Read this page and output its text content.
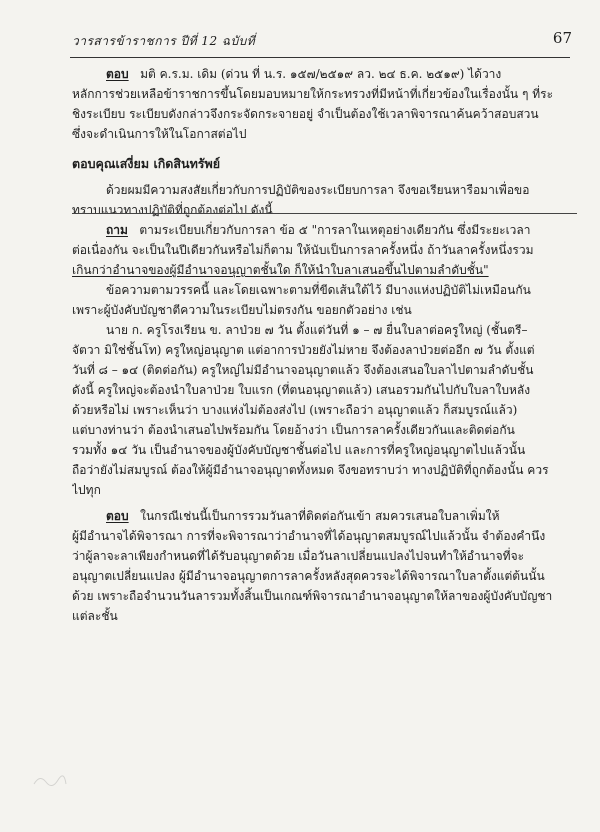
วารสารข้าราชการ ปีที่ 12 ฉบับที่	67
ตอบ มติ ค.ร.ม. เดิม (ด่วน ที่ น.ร. ๑๕๗/๒๕๑๙ ลว. ๒๔ ธ.ค. ๒๕๑๙) ได้วาง
หลักการช่วยเหลือข้าราชการขึ้นโดยมอบหมายให้กระทรวงที่มีหน้าที่เกี่ยวข้องในเรื่องนั้น ๆ ที่ระ
ชิงระเบียบ ระเบียบดังกล่าวจึงกระจัดกระจายอยู่ จำเป็นต้องใช้เวลาพิจารณาค้นคว้าสอบสวน
ซึ่งจะดำเนินการให้ในโอกาสต่อไป
ตอบคุณเสงี่ยม เกิดสินทรัพย์
ด้วยผมมีความสงสัยเกี่ยวกับการปฏิบัติของระเบียบการลา จึงขอเรียนหารือมาเพื่อขอ
ทราบแนวทางปฏิบัติที่ถูกต้องต่อไป ดังนี้
ถาม ตามระเบียบเกี่ยวกับการลา ข้อ ๕ "การลาในเหตุอย่างเดียวกัน ซึ่งมีระยะเวลา
ต่อเนื่องกัน จะเป็นในปีเดียวกันหรือไม่ก็ตาม ให้นับเป็นการลาครั้งหนึ่ง ถ้าวันลาครั้งหนึ่งรวม
เกินกว่าอำนาจของผู้มีอำนาจอนุญาตชั้นใด ก็ให้นำใบลาเสนอขึ้นไปตามลำดับชั้น"
ข้อความตามวรรคนี้ และโดยเฉพาะตามที่ขีดเส้นใต้ไว้ มีบางแห่งปฏิบัติไม่เหมือนกัน
เพราะผู้บังคับบัญชาตีความในระเบียบไม่ตรงกัน ขอยกตัวอย่าง เช่น
นาย ก. ครูโรงเรียน ข. ลาป่วย ๗ วัน ตั้งแต่วันที่ ๑ – ๗ ยื่นใบลาต่อครูใหญ่ (ชั้นตรี–
จัตวา มิใช่ชั้นโท) ครูใหญ่อนุญาต แต่อาการป่วยยังไม่หาย จึงต้องลาป่วยต่ออีก ๗ วัน ตั้งแต่
วันที่ ๘ – ๑๔ (ติดต่อกัน) ครูใหญ่ไม่มีอำนาจอนุญาตแล้ว จึงต้องเสนอใบลาไปตามลำดับชั้น
ดังนี้ ครูใหญ่จะต้องนำใบลาป่วย ใบแรก (ที่ตนอนุญาตแล้ว) เสนอรวมกันไปกับใบลาใบหลัง
ด้วยหรือไม่ เพราะเห็นว่า บางแห่งไม่ต้องส่งไป (เพราะถือว่า อนุญาตแล้ว ก็สมบูรณ์แล้ว)
แต่บางท่านว่า ต้องนำเสนอไปพร้อมกัน โดยอ้างว่า เป็นการลาครั้งเดียวกันและติดต่อกัน
รวมทั้ง ๑๔ วัน เป็นอำนาจของผู้บังคับบัญชาชั้นต่อไป และการที่ครูใหญ่อนุญาตไปแล้วนั้น
ถือว่ายังไม่สมบูรณ์ ต้องให้ผู้มีอำนาจอนุญาตทั้งหมด จึงขอทราบว่า ทางปฏิบัติที่ถูกต้องนั้น ควร
ไปทุก
ตอบ ในกรณีเช่นนี้เป็นการรวมวันลาที่ติดต่อกันเข้า สมควรเสนอใบลาเพิ่มให้
ผู้มีอำนาจได้พิจารณา การที่จะพิจารณาว่าอำนาจที่ได้อนุญาตสมบูรณ์ไปแล้วนั้น จำต้องคำนึง
ว่าผู้ลาจะลาเพียงกำหนดที่ได้รับอนุญาตด้วย เมื่อวันลาเปลี่ยนแปลงไปจนทำให้อำนาจที่จะ
อนุญาตเปลี่ยนแปลง ผู้มีอำนาจอนุญาตการลาครั้งหลังสุดควรจะได้พิจารณาใบลาตั้งแต่ต้นนั้น
ด้วย เพราะถือจำนวนวันลารวมทั้งสิ้นเป็นเกณฑ์พิจารณาอำนาจอนุญาตให้ลาของผู้บังคับบัญชา
แต่ละชั้น
